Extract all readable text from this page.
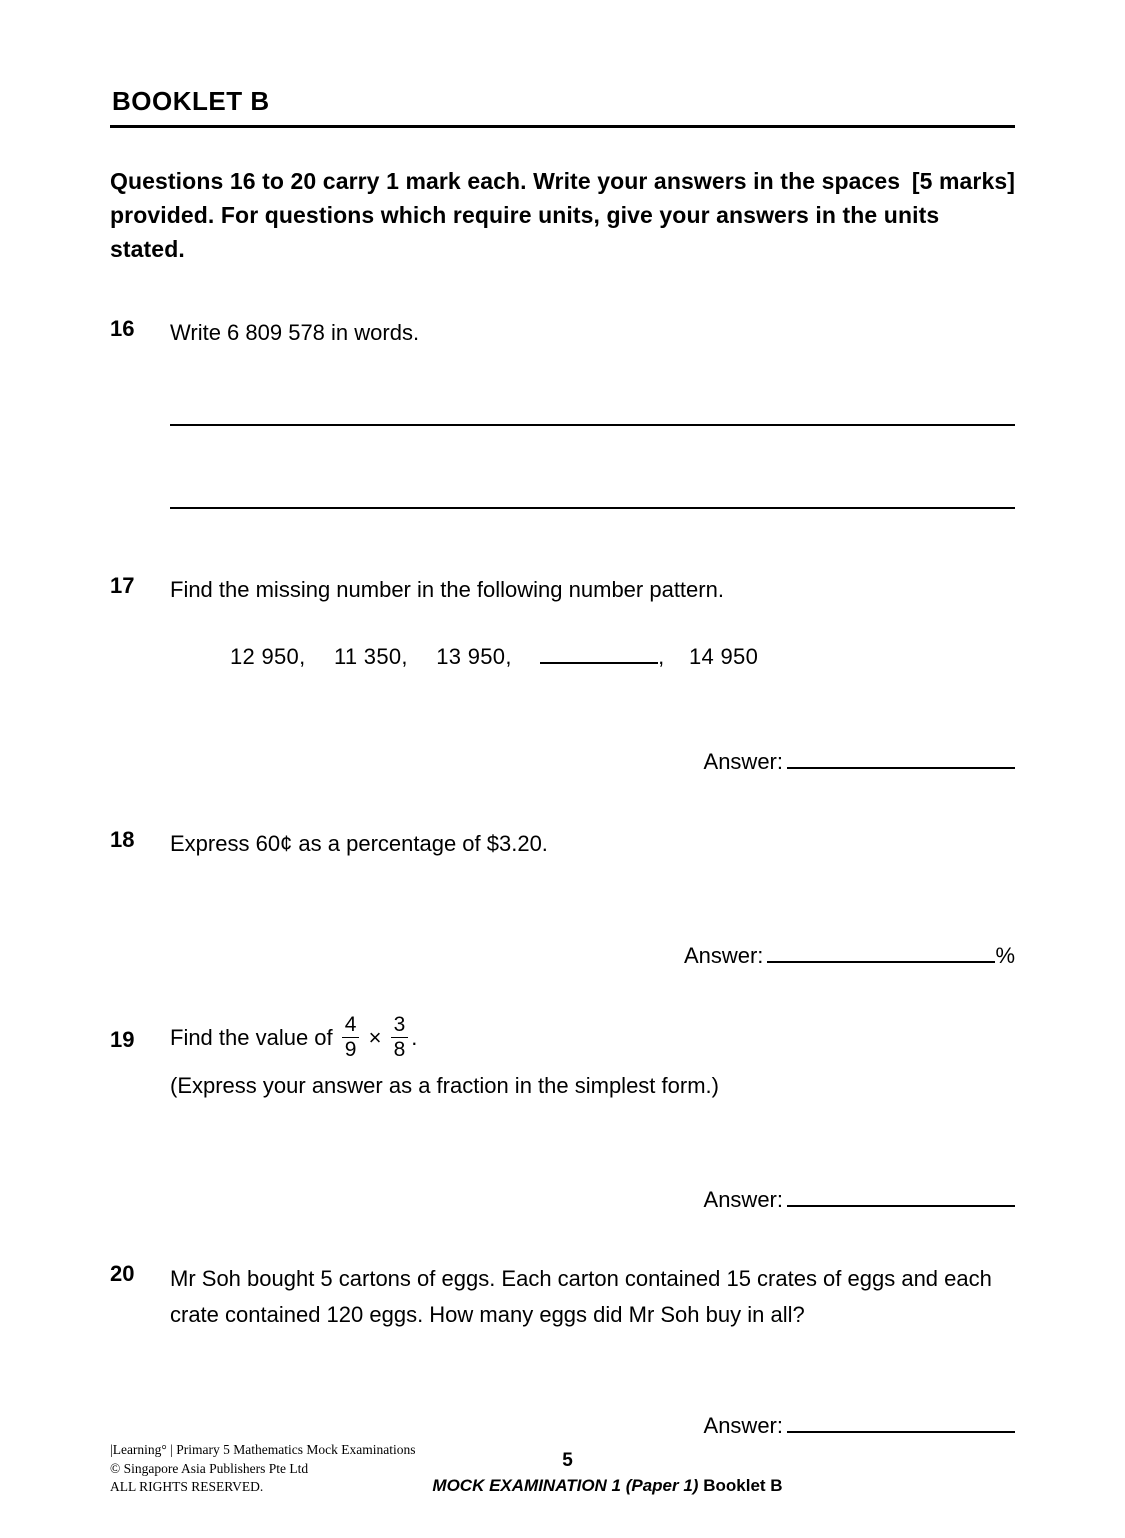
BOOKLET B
[5 marks]
Questions 16 to 20 carry 1 mark each. Write your answers in the spaces provided. For questions which require units, give your answers in the units stated.
16 Write 6 809 578 in words.
17 Find the missing number in the following number pattern.
12 950, 11 350, 13 950,	, 14 950
Answer:
18 Express 60¢ as a percentage of $3.20.
Answer:	%
19 Find the value of $\frac{4}{9} \times \frac{3}{8}$ .
(Express your answer as a fraction in the simplest form.)
Answer:
20 Mr Soh bought 5 cartons of eggs. Each carton contained 15 crates of eggs and each crate contained 120 eggs. How many eggs did Mr Soh buy in all?
Answer:
|Learning° | Primary 5 Mathematics Mock Examinations
© Singapore Asia Publishers Pte Ltd
ALL RIGHTS RESERVED.
5
MOCK EXAMINATION 1 (Paper 1) Booklet B
